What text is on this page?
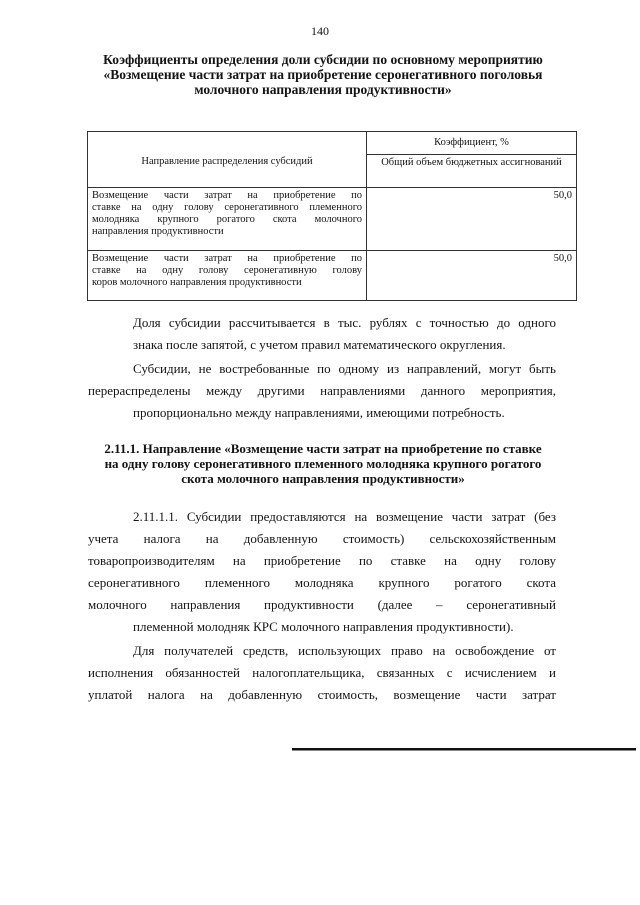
140
Коэффициенты определения доли субсидии по основному мероприятию «Возмещение части затрат на приобретение серонегативного поголовья молочного направления продуктивности»
Направление распределения субсидий	Коэффициент, %
	Общий объем бюджетных ассигнований
Возмещение части затрат на приобретение по
ставке на одну голову серонегативного племенного
молодняка крупного рогатого скота молочного

направления продуктивности	50,0
Возмещение части затрат на приобретение по
ставке на одну голову серонегативную голову

коров молочного направления продуктивности	50,0
Доля субсидии рассчитывается в тыс. рублях с точностью до одного

знака после запятой, с учетом правил математического округления.
Субсидии, не востребованные по одному из направлений, могут быть
перераспределены между другими направлениями данного мероприятия,

пропорционально между направлениями, имеющими потребность.
2.11.1. Направление «Возмещение части затрат на приобретение по ставке на одну голову серонегативного племенного молодняка крупного рогатого скота молочного направления продуктивности»
2.11.1.1. Субсидии предоставляются на возмещение части затрат (без
учета налога на добавленную стоимость) сельскохозяйственным
товаропроизводителям на приобретение по ставке на одну голову
серонегативного племенного молодняка крупного рогатого скота
молочного направления продуктивности (далее – серонегативный

племенной молодняк КРС молочного направления продуктивности).
Для получателей средств, использующих право на освобождение от
исполнения обязанностей налогоплательщика, связанных с исчислением и
уплатой налога на добавленную стоимость, возмещение части затрат
